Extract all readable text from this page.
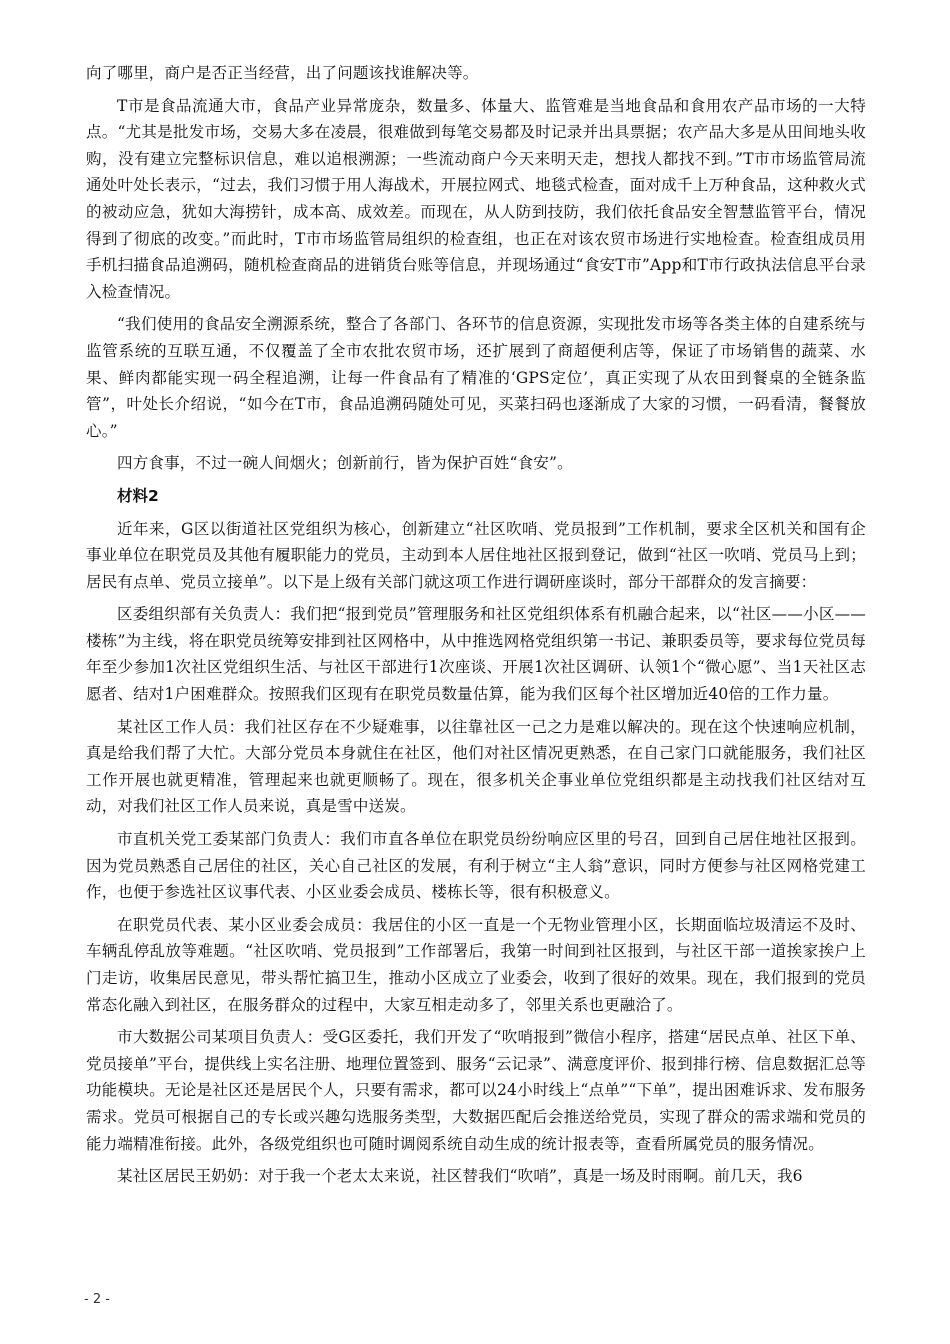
向了哪里，商户是否正当经营，出了问题该找谁解决等。

T市是食品流通大市，食品产业异常庞杂，数量多、体量大、监管难是当地食品和食用农产品市场的一大特点。“尤其是批发市场，交易大多在凌晨，很难做到每笔交易都及时记录并出具票据；农产品大多是从田间地头收购，没有建立完整标识信息，难以追根溯源；一些流动商户今天来明天走，想找人都找不到。”T市市场监管局流通处叶处长表示，“过去，我们习惯于用人海战术，开展拉网式、地毯式检查，面对成千上万种食品，这种救火式的被动应急，犹如大海捞针，成本高、成效差。而现在，从人防到技防，我们依托食品安全智慧监管平台，情况得到了彻底的改变。”而此时，T市市场监管局组织的检查组，也正在对该农贸市场进行实地检查。检查组成员用手机扫描食品追溯码，随机检查商品的进销货台账等信息，并现场通过“食安T市”App和T市行政执法信息平台录入检查情况。

“我们使用的食品安全溯源系统，整合了各部门、各环节的信息资源，实现批发市场等各类主体的自建系统与监管系统的互联互通，不仅覆盖了全市农批农贸市场，还扩展到了商超便利店等，保证了市场销售的蔬菜、水果、鲜肉都能实现一码全程追溯，让每一件食品有了精准的‘GPS定位’，真正实现了从农田到餐桌的全链条监管”，叶处长介绍说，“如今在T市，食品追溯码随处可见，买菜扫码也逐渐成了大家的习惯，一码看清，餐餐放心。”

四方食事，不过一碗人间烟火；创新前行，皆为保护百姓“食安”。

材料2

近年来，G区以街道社区党组织为核心，创新建立“社区吹哨、党员报到”工作机制，要求全区机关和国有企事业单位在职党员及其他有履职能力的党员，主动到本人居住地社区报到登记，做到“社区一吹哨、党员马上到；居民有点单、党员立接单”。以下是上级有关部门就这项工作进行调研座谈时，部分干部群众的发言摘要：

区委组织部有关负责人：我们把“报到党员”管理服务和社区党组织体系有机融合起来，以“社区——小区——楼栋”为主线，将在职党员统筹安排到社区网格中，从中推选网格党组织第一书记、兼职委员等，要求每位党员每年至少参加1次社区党组织生活、与社区干部进行1次座谈、开展1次社区调研、认领1个“微心愿”、当1天社区志愿者、结对1户困难群众。按照我们区现有在职党员数量估算，能为我们区每个社区增加近40倍的工作力量。

某社区工作人员：我们社区存在不少疑难事，以往靠社区一己之力是难以解决的。现在这个快速响应机制，真是给我们帮了大忙。大部分党员本身就住在社区，他们对社区情况更熟悉，在自己家门口就能服务，我们社区工作开展也就更精准，管理起来也就更顺畅了。现在，很多机关企事业单位党组织都是主动找我们社区结对互动，对我们社区工作人员来说，真是雪中送炭。

市直机关党工委某部门负责人：我们市直各单位在职党员纷纷响应区里的号召，回到自己居住地社区报到。因为党员熟悉自己居住的社区，关心自己社区的发展，有利于树立“主人翁”意识，同时方便参与社区网格党建工作，也便于参选社区议事代表、小区业委会成员、楼栋长等，很有积极意义。

在职党员代表、某小区业委会成员：我居住的小区一直是一个无物业管理小区，长期面临垃圾清运不及时、车辆乱停乱放等难题。“社区吹哨、党员报到”工作部署后，我第一时间到社区报到，与社区干部一道挨家挨户上门走访，收集居民意见，带头帮忙搞卫生，推动小区成立了业委会，收到了很好的效果。现在，我们报到的党员常态化融入到社区，在服务群众的过程中，大家互相走动多了，邻里关系也更融洽了。

市大数据公司某项目负责人：受G区委托，我们开发了“吹哨报到”微信小程序，搭建“居民点单、社区下单、党员接单”平台，提供线上实名注册、地理位置签到、服务“云记录”、满意度评价、报到排行榜、信息数据汇总等功能模块。无论是社区还是居民个人，只要有需求，都可以24小时线上“点单”“下单”，提出困难诉求、发布服务需求。党员可根据自己的专长或兴趣勾选服务类型，大数据匹配后会推送给党员，实现了群众的需求端和党员的能力端精准衔接。此外，各级党组织也可随时调阅系统自动生成的统计报表等，查看所属党员的服务情况。

某社区居民王奶奶：对于我一个老太太来说，社区替我们“吹哨”，真是一场及时雨啊。前几天，我6

- 2 -
